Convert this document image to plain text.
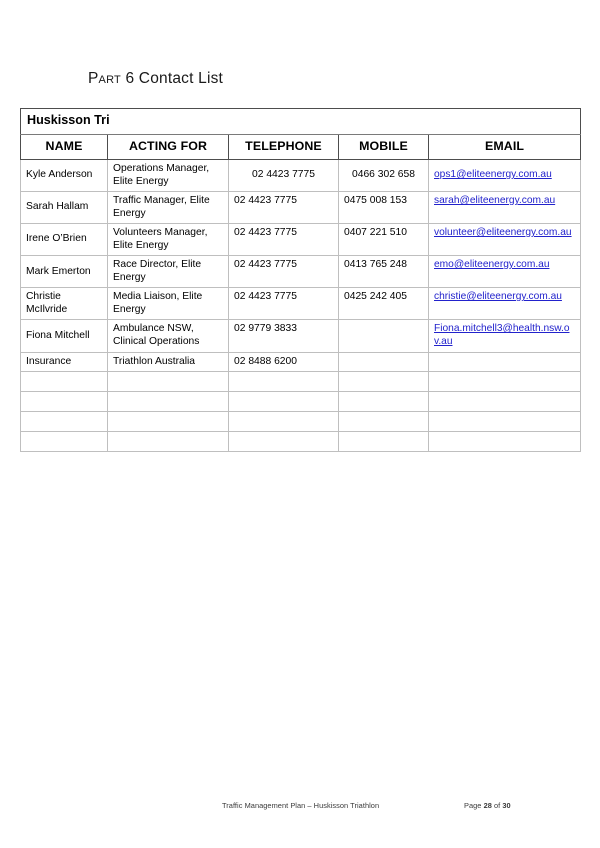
Part 6 Contact List
Huskisson Tri				
NAME	ACTING FOR	TELEPHONE	MOBILE	EMAIL
Kyle Anderson	Operations Manager, Elite Energy	02 4423 7775	0466 302 658	ops1@eliteenergy.com.au
Sarah Hallam	Traffic Manager, Elite Energy	02 4423 7775	0475 008 153	sarah@eliteenergy.com.au
Irene O’Brien	Volunteers Manager, Elite Energy	02 4423 7775	0407 221 510	volunteer@eliteenergy.com.au
Mark Emerton	Race Director, Elite Energy	02 4423 7775	0413 765 248	emo@eliteenergy.com.au
Christie McIlvride	Media Liaison, Elite Energy	02 4423 7775	0425 242 405	christie@eliteenergy.com.au
Fiona Mitchell	Ambulance NSW, Clinical Operations	02 9779 3833		Fiona.mitchell3@health.nsw.ov.au
Insurance	Triathlon Australia	02 8488 6200		

Traffic Management Plan – Huskisson Triathlon	Page 28 of 30
